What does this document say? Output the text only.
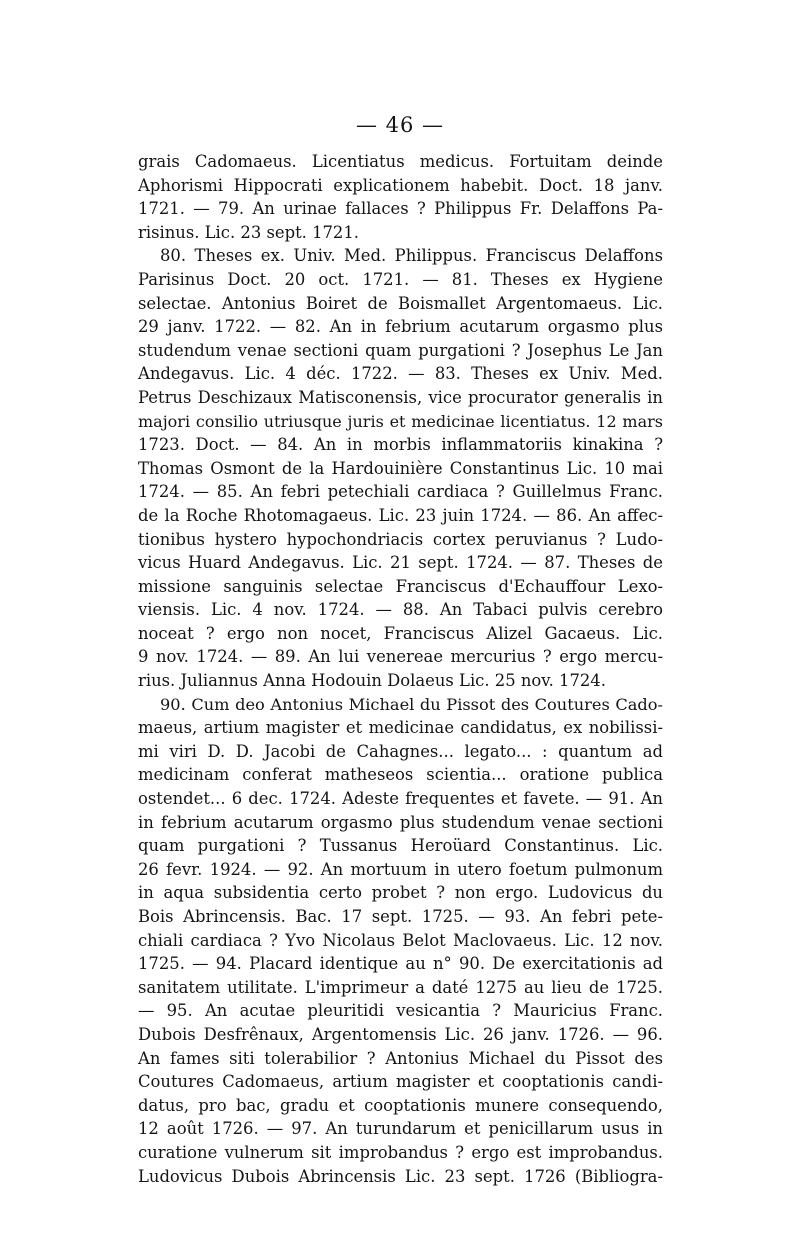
— 46 —
grais Cadomaeus. Licentiatus medicus. Fortuitam deinde
Aphorismi Hippocrati explicationem habebit. Doct. 18 janv.
1721. — 79. An urinae fallaces ? Philippus Fr. Delaffons Pa-
risinus. Lic. 23 sept. 1721.
80. Theses ex. Univ. Med. Philippus. Franciscus Delaffons
Parisinus Doct. 20 oct. 1721. — 81. Theses ex Hygiene
selectae. Antonius Boiret de Boismallet Argentomaeus. Lic.
29 janv. 1722. — 82. An in febrium acutarum orgasmo plus
studendum venae sectioni quam purgationi ? Josephus Le Jan
Andegavus. Lic. 4 déc. 1722. — 83. Theses ex Univ. Med.
Petrus Deschizaux Matisconensis, vice procurator generalis in
majori consilio utriusque juris et medicinae licentiatus. 12 mars
1723. Doct. — 84. An in morbis inflammatoriis kinakina ?
Thomas Osmont de la Hardouinière Constantinus Lic. 10 mai
1724. — 85. An febri petechiali cardiaca ? Guillelmus Franc.
de la Roche Rhotomagaeus. Lic. 23 juin 1724. — 86. An affec-
tionibus hystero hypochondriacis cortex peruvianus ? Ludo-
vicus Huard Andegavus. Lic. 21 sept. 1724. — 87. Theses de
missione sanguinis selectae Franciscus d'Echauffour Lexo-
viensis. Lic. 4 nov. 1724. — 88. An Tabaci pulvis cerebro
noceat ? ergo non nocet, Franciscus Alizel Gacaeus. Lic.
9 nov. 1724. — 89. An lui venereae mercurius ? ergo mercu-
rius. Juliannus Anna Hodouin Dolaeus Lic. 25 nov. 1724.
90. Cum deo Antonius Michael du Pissot des Coutures Cado-
maeus, artium magister et medicinae candidatus, ex nobilissi-
mi viri D. D. Jacobi de Cahagnes... legato... : quantum ad
medicinam conferat matheseos scientia... oratione publica
ostendet... 6 dec. 1724. Adeste frequentes et favete. — 91. An
in febrium acutarum orgasmo plus studendum venae sectioni
quam purgationi ? Tussanus Heroüard Constantinus. Lic.
26 fevr. 1924. — 92. An mortuum in utero foetum pulmonum
in aqua subsidentia certo probet ? non ergo. Ludovicus du
Bois Abrincensis. Bac. 17 sept. 1725. — 93. An febri pete-
chiali cardiaca ? Yvo Nicolaus Belot Maclovaeus. Lic. 12 nov.
1725. — 94. Placard identique au n° 90. De exercitationis ad
sanitatem utilitate. L'imprimeur a daté 1275 au lieu de 1725.
— 95. An acutae pleuritidi vesicantia ? Mauricius Franc.
Dubois Desfrênaux, Argentomensis Lic. 26 janv. 1726. — 96.
An fames siti tolerabilior ? Antonius Michael du Pissot des
Coutures Cadomaeus, artium magister et cooptationis candi-
datus, pro bac, gradu et cooptationis munere consequendo,
12 août 1726. — 97. An turundarum et penicillarum usus in
curatione vulnerum sit improbandus ? ergo est improbandus.
Ludovicus Dubois Abrincensis Lic. 23 sept. 1726 (Bibliogra-
